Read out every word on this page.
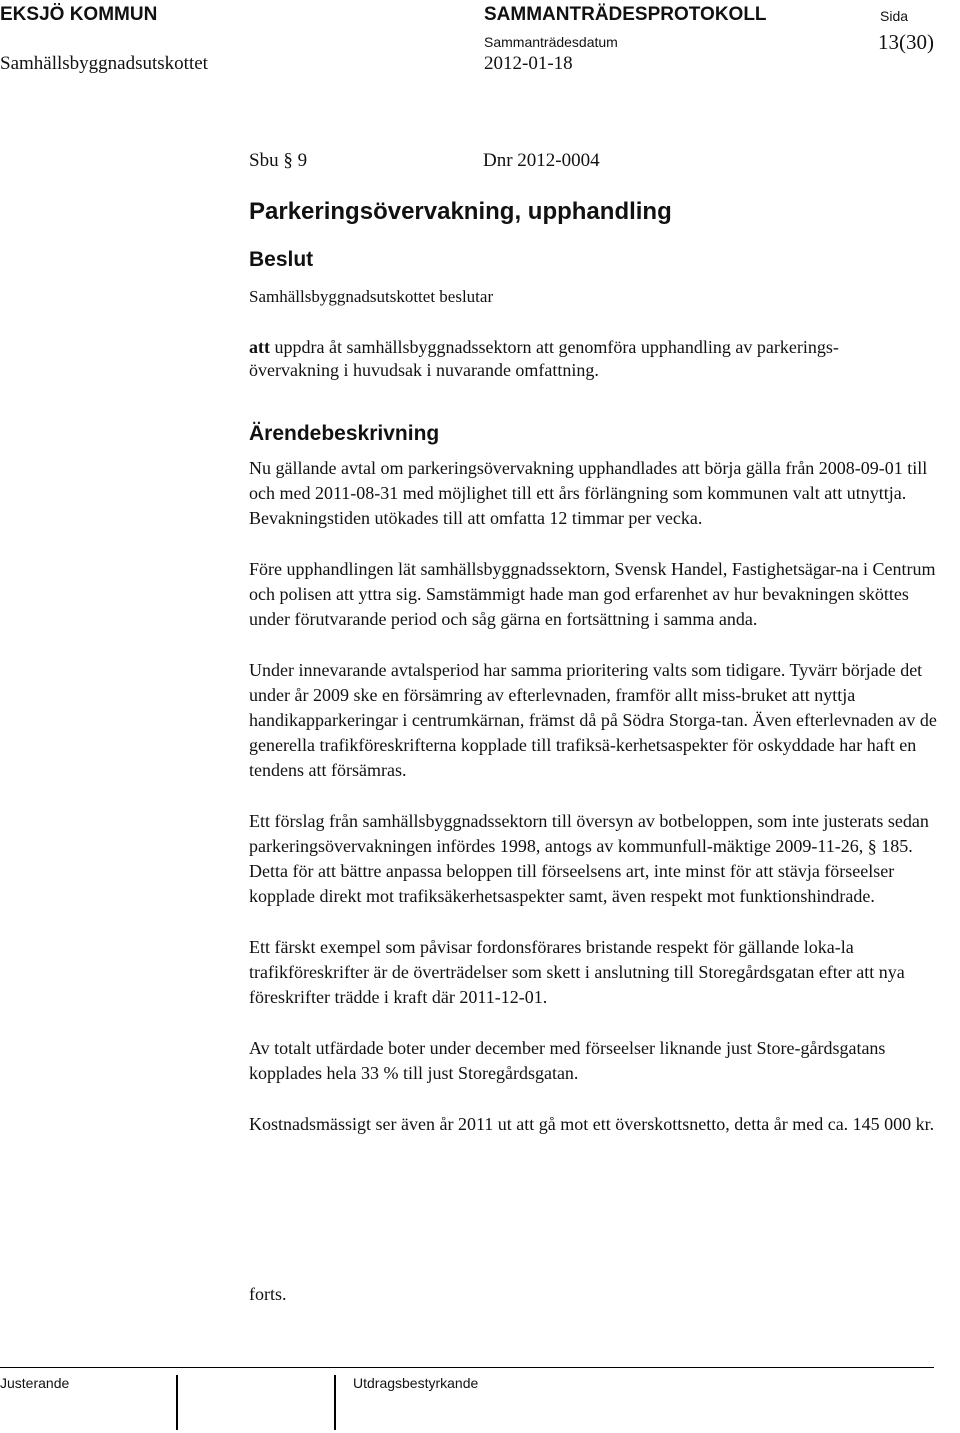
EKSJÖ KOMMUN	SAMMANTRÄDESPROTOKOLL	Sida
Samhällsbyggnadsutskottet
Sammanträdesdatum
2012-01-18
13(30)
Sbu § 9	Dnr 2012-0004
Parkeringsövervakning, upphandling
Beslut
Samhällsbyggnadsutskottet beslutar
att uppdra åt samhällsbyggnadssektorn att genomföra upphandling av parkerings-
övervakning i huvudsak i nuvarande omfattning.
Ärendebeskrivning

Nu gällande avtal om parkeringsövervakning upphandlades att börja gälla från 2008-09-01 till och med 2011-08-31 med möjlighet till ett års förlängning som kommunen valt att utnyttja. Bevakningstiden utökades till att omfatta 12 timmar per vecka.

Före upphandlingen lät samhällsbyggnadssektorn, Svensk Handel, Fastighetsägar-na i Centrum och polisen att yttra sig. Samstämmigt hade man god erfarenhet av hur bevakningen sköttes under förutvarande period och såg gärna en fortsättning i samma anda.

Under innevarande avtalsperiod har samma prioritering valts som tidigare. Tyvärr började det under år 2009 ske en försämring av efterlevnaden, framför allt miss-bruket att nyttja handikapparkeringar i centrumkärnan, främst då på Södra Storga-tan. Även efterlevnaden av de generella trafikföreskrifterna kopplade till trafiksä-kerhetsaspekter för oskyddade har haft en tendens att försämras.

Ett förslag från samhällsbyggnadssektorn till översyn av botbeloppen, som inte justerats sedan parkeringsövervakningen infördes 1998, antogs av kommunfull-mäktige 2009-11-26, § 185. Detta för att bättre anpassa beloppen till förseelsens art, inte minst för att stävja förseelser kopplade direkt mot trafiksäkerhetsaspekter samt, även respekt mot funktionshindrade.

Ett färskt exempel som påvisar fordonsförares bristande respekt för gällande loka-la trafikföreskrifter är de överträdelser som skett i anslutning till Storegårdsgatan efter att nya föreskrifter trädde i kraft där 2011-12-01.

Av totalt utfärdade boter under december med förseelser liknande just Store-gårdsgatans kopplades hela 33 % till just Storegårdsgatan.

Kostnadsmässigt ser även år 2011 ut att gå mot ett överskottsnetto, detta år med ca. 145 000 kr.

forts.
Justerande	Utdragsbestyrkande
